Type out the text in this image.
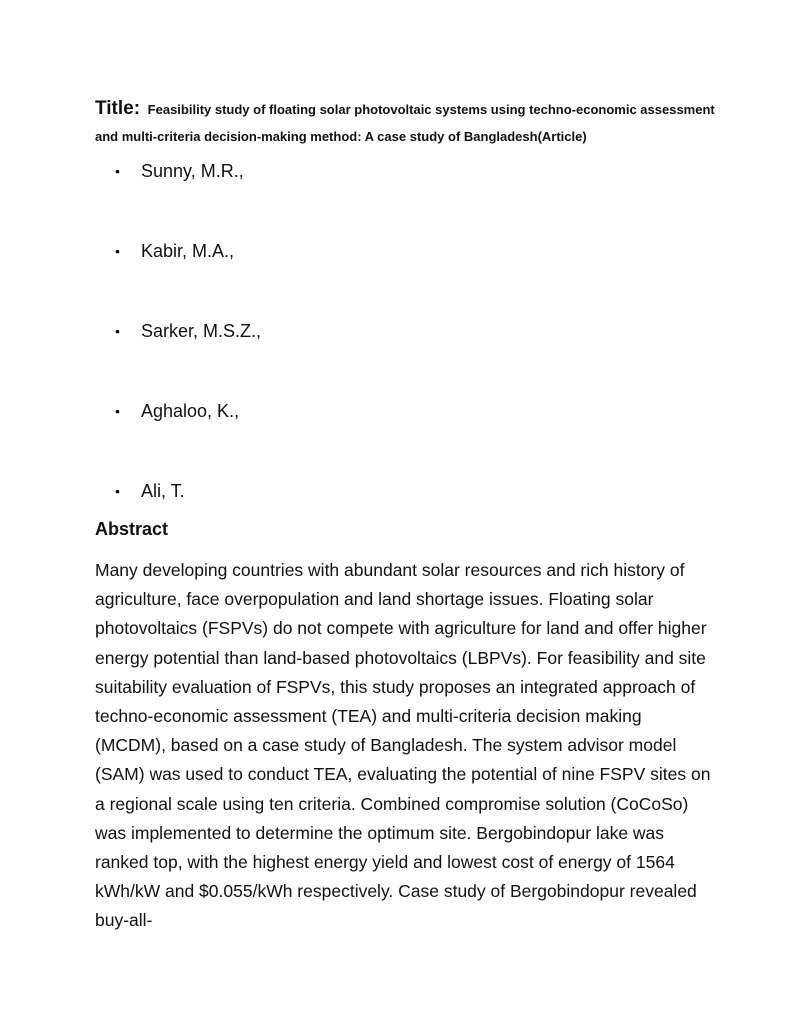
Title: Feasibility study of floating solar photovoltaic systems using techno-economic assessment and multi-criteria decision-making method: A case study of Bangladesh(Article)
• Sunny, M.R.,
• Kabir, M.A.,
• Sarker, M.S.Z.,
• Aghaloo, K.,
• Ali, T.
Abstract

Many developing countries with abundant solar resources and rich history of agriculture, face overpopulation and land shortage issues. Floating solar photovoltaics (FSPVs) do not compete with agriculture for land and offer higher energy potential than land-based photovoltaics (LBPVs). For feasibility and site suitability evaluation of FSPVs, this study proposes an integrated approach of techno-economic assessment (TEA) and multi-criteria decision making (MCDM), based on a case study of Bangladesh. The system advisor model (SAM) was used to conduct TEA, evaluating the potential of nine FSPV sites on a regional scale using ten criteria. Combined compromise solution (CoCoSo) was implemented to determine the optimum site. Bergobindopur lake was ranked top, with the highest energy yield and lowest cost of energy of 1564 kWh/kW and $0.055/kWh respectively. Case study of Bergobindopur revealed buy-all-
